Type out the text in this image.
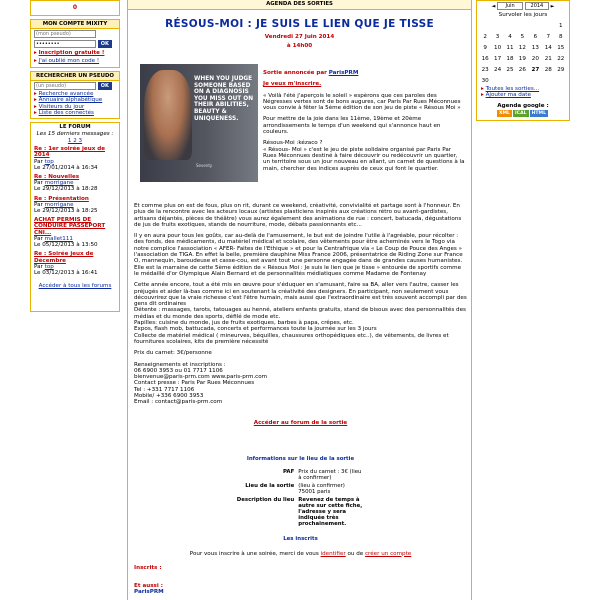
0
MON COMPTE MIXITY
(mon pseudo)
••••••••	OK
▸ Inscription gratuite !
▸ J'ai oublié mon code !
RECHERCHER UN PSEUDO
(un pseudo) OK
▸ Recherche avancée
▸ Annuaire alphabétique
▸ Visiteurs du jour
▸ Liste des connectés
LE FORUM
Les 15 derniers messages :
1 2 3
Re : 1er soirée jeux de 2014
Par top
Le 27/01/2014 à 16:34
Re : Nouvelles
Par morrigane
Le 29/12/2013 à 18:28
Re : Présentation
Par morrigane
Le 29/12/2013 à 18:25
ACHAT PERMIS DE CONDUIRE PASSEPORT CNI...
Par mallet111
Le 05/12/2013 à 13:50
Re : Soirée jeux de Décembre
Par top
Le 03/12/2013 à 16:41
Accéder à tous les forums
AGENDA DES SORTIES
RÉSOUS-MOI : JE SUIS LE LIEN QUE JE TISSE
Vendredi 27 Juin 2014
à 14h00
WHEN YOU JUDGE SOMEONE BASED ON A DIAGNOSIS YOU MISS OUT ON THEIR ABILITIES, BEAUTY & UNIQUENESS.
Seventy

Sortie annoncée par ParisPRM

Je veux m'inscrire.

« Voilà l'été j'aperçois le soleil » espèrons que ces paroles des Négresses vertes sont de bons augures, car Paris Par Rues Méconnues vous convie à fêter la 5ème édition de son jeu de piste « Résous Moi »

Pour mettre de la joie dans les 11ème, 19ème et 20ème arrondissements le temps d'un weekend qui s'annonce haut en couleurs.

Résous-Moi :kézaco ?
« Résous- Moi » c'est le jeu de piste solidaire organisé par Paris Par Rues Méconnues destiné à faire découvrir ou redécouvrir un quartier, un territoire sous un jour nouveau en allant, un carnet de questions à la main, chercher des indices auprès de ceux qui font le quartier.

Et comme plus on est de fous, plus on rit, durant ce weekend, créativité, convivialité et partage sont à l'honneur. En plus de la rencontre avec les acteurs locaux (artistes plasticiens inspirés aux créations rétro ou avant-gardistes, artisans déjantés, pièces de théâtre) vous aurez également des animations de rue : concert, batucada, dégustations de jus de fruits exotiques, stands de nourriture, mode, débats passionnants etc...

Il y en aura pour tous les goûts, car au-delà de l'amusement, le but est de joindre l'utile à l'agréable, pour récolter : des fonds, des médicaments, du matériel médical et scolaire, des vêtements pour être acheminés vers le Togo via notre complice l'association « AFER- Faites de l'Ethique » et pour la Centrafrique via « Le Coup de Pouce des Anges » l'association de TIGA. En effet la belle, première dauphine Miss France 2006, présentatrice de Riding Zone sur France O, mannequin, baroudeuse et casse-cou, est avant tout une personne engagée dans de grandes causes humanistes. Elle est la marraine de cette 5ème édition de « Résous Moi : Je suis le lien que je tisse » entourée de sportifs comme le médaillé d'or Olympique Alain Bernard et de personnalités médiatiques comme Madame de Fontenay

Cette année encore, tout a été mis en œuvre pour s'éduquer en s'amusant, faire sa BA, aller vers l'autre, casser les préjugés et aider là-bas comme ici en soutenant la créativité des designers. En participant, non seulement vous découvrirez que la vraie richesse c'est l'être humain, mais aussi que l'extraordinaire est très souvent accompli par des gens dit ordinaires
Détente : massages, tarots, tatouages au henné, ateliers enfants gratuits, stand de bisous avec des personnalités des médias et du monde des sports, défilé de mode etc.
Papilles: cuisine du monde, jus de fruits exotiques, barbes à papa, crêpes, etc.
Expos, flash mob, battucada, concerts et performances toute la journée sur les 3 jours
Collecte de matériel médical ( mineurves, béquilles, chaussures orthopédiques etc..), de vêtements, de livres et fournitures scolaires, kits de première nécessité

Prix du carnet: 3€/personne

Renseignements et inscriptions :
06 6900 3953 ou 01 7717 1106
bienvenue@paris-prm.com www.paris-prm.com
Contact presse : Paris Par Rues Méconnues
Tel : +331 7717 1106
Mobile/ +336 6900 3953
Email : contact@paris-prm.com

Accéder au forum de la sortie
Informations sur le lieu de la sortie
PAF	Prix du carnet : 3€ (lieu à confirmer)
Lieu de la sortie	(lieu à confirmer)
75001 paris
Description du lieu	Revenez de temps à autre sur cette fiche, l'adresse y sera indiquée très prochainement.
Les inscrits
Pour vous inscrire à une soirée, merci de vous identifier ou de créer un compte
Inscrits :
Et aussi :
ParisPRM
◄ Juin	2014 ►
Survoler les jours
						1
2	3	4	5	6	7	8
9	10	11	12	13	14	15
16	17	18	19	20	21	22
23	24	25	26	27	28	29
30						
▸ Toutes les sorties...
▸ Ajouter ma date
Agenda google :
XML ICAL HTML
